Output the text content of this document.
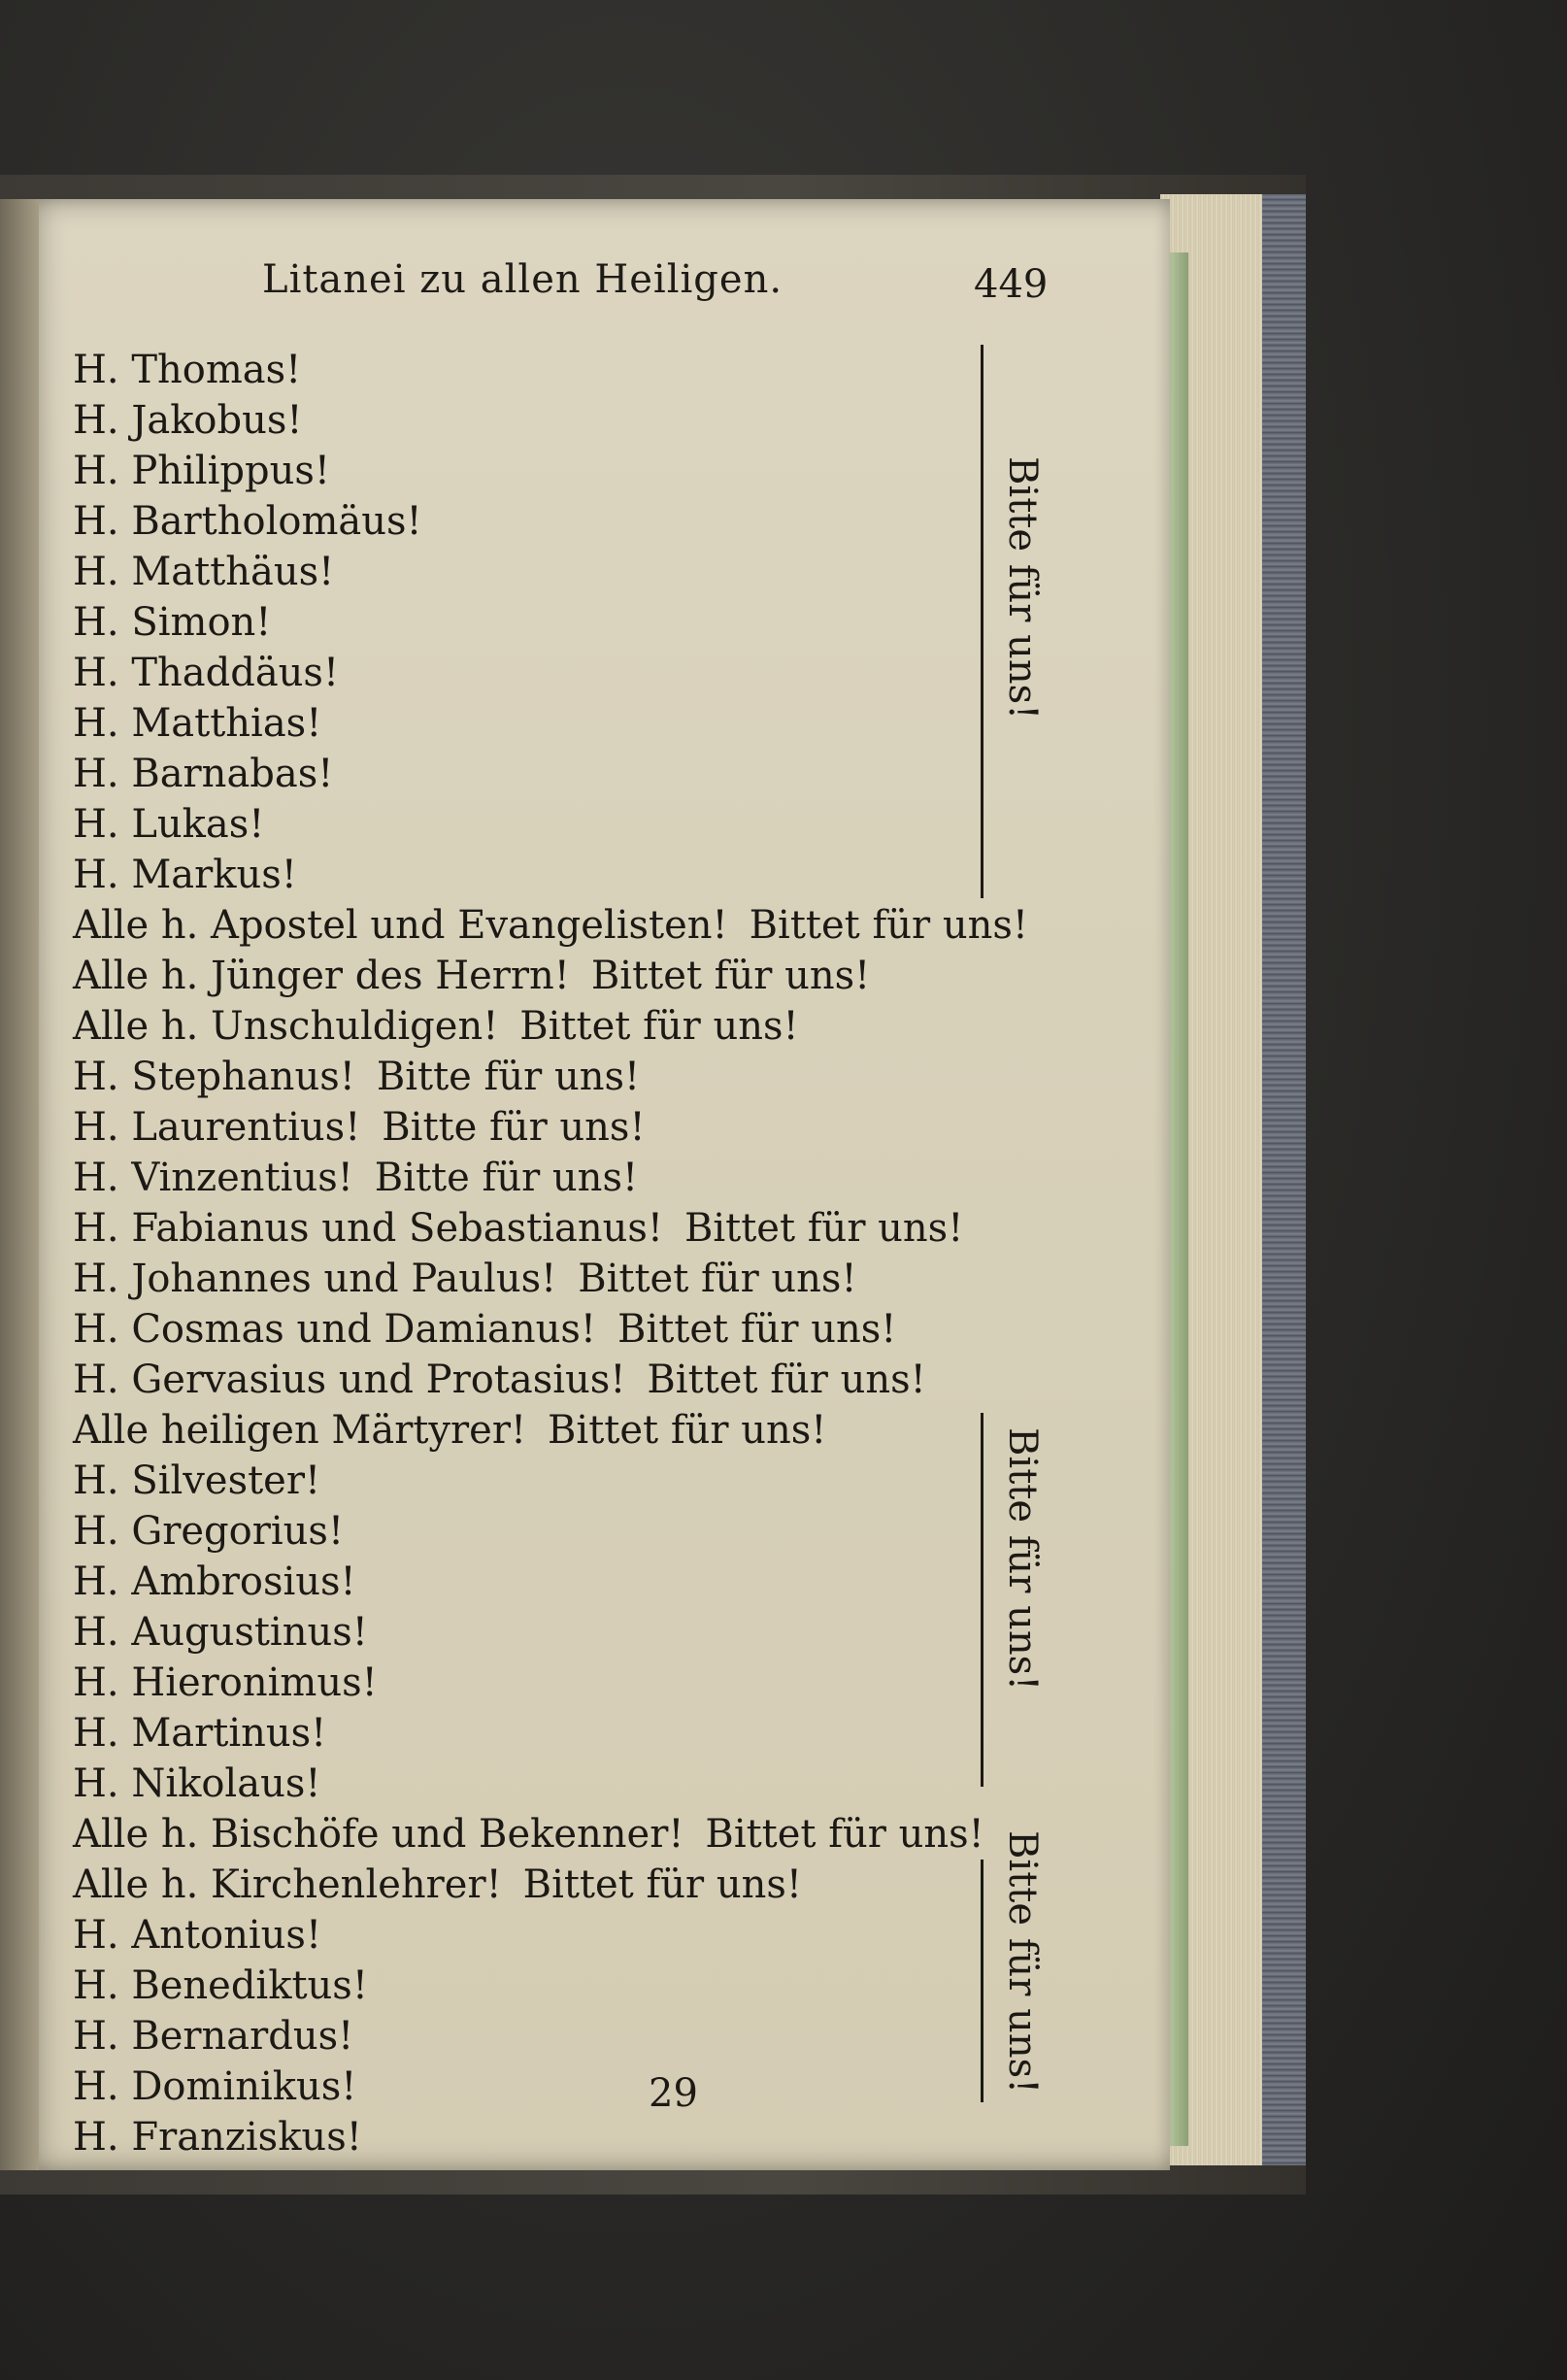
Litanei zu allen Heiligen.	449
H. Thomas!
H. Jakobus!
H. Philippus!
H. Bartholomäus!
H. Matthäus!
H. Simon!
H. Thaddäus!
H. Matthias!
H. Barnabas!
H. Lukas!
H. Markus!
Alle h. Apostel und Evangelisten! Bittet für uns!
Alle h. Jünger des Herrn! Bittet für uns!
Alle h. Unschuldigen! Bittet für uns!
H. Stephanus! Bitte für uns!
H. Laurentius! Bitte für uns!
H. Vinzentius! Bitte für uns!
H. Fabianus und Sebastianus! Bittet für uns!
H. Johannes und Paulus! Bittet für uns!
H. Cosmas und Damianus! Bittet für uns!
H. Gervasius und Protasius! Bittet für uns!
Alle heiligen Märtyrer! Bittet für uns!
H. Silvester!
H. Gregorius!
H. Ambrosius!
H. Augustinus!
H. Hieronimus!
H. Martinus!
H. Nikolaus!
Alle h. Bischöfe und Bekenner! Bittet für uns!
Alle h. Kirchenlehrer! Bittet für uns!
H. Antonius!
H. Benediktus!
H. Bernardus!
H. Dominikus!
H. Franziskus!
Bitte für uns!
Bitte für uns!
Bitte für uns!
29
